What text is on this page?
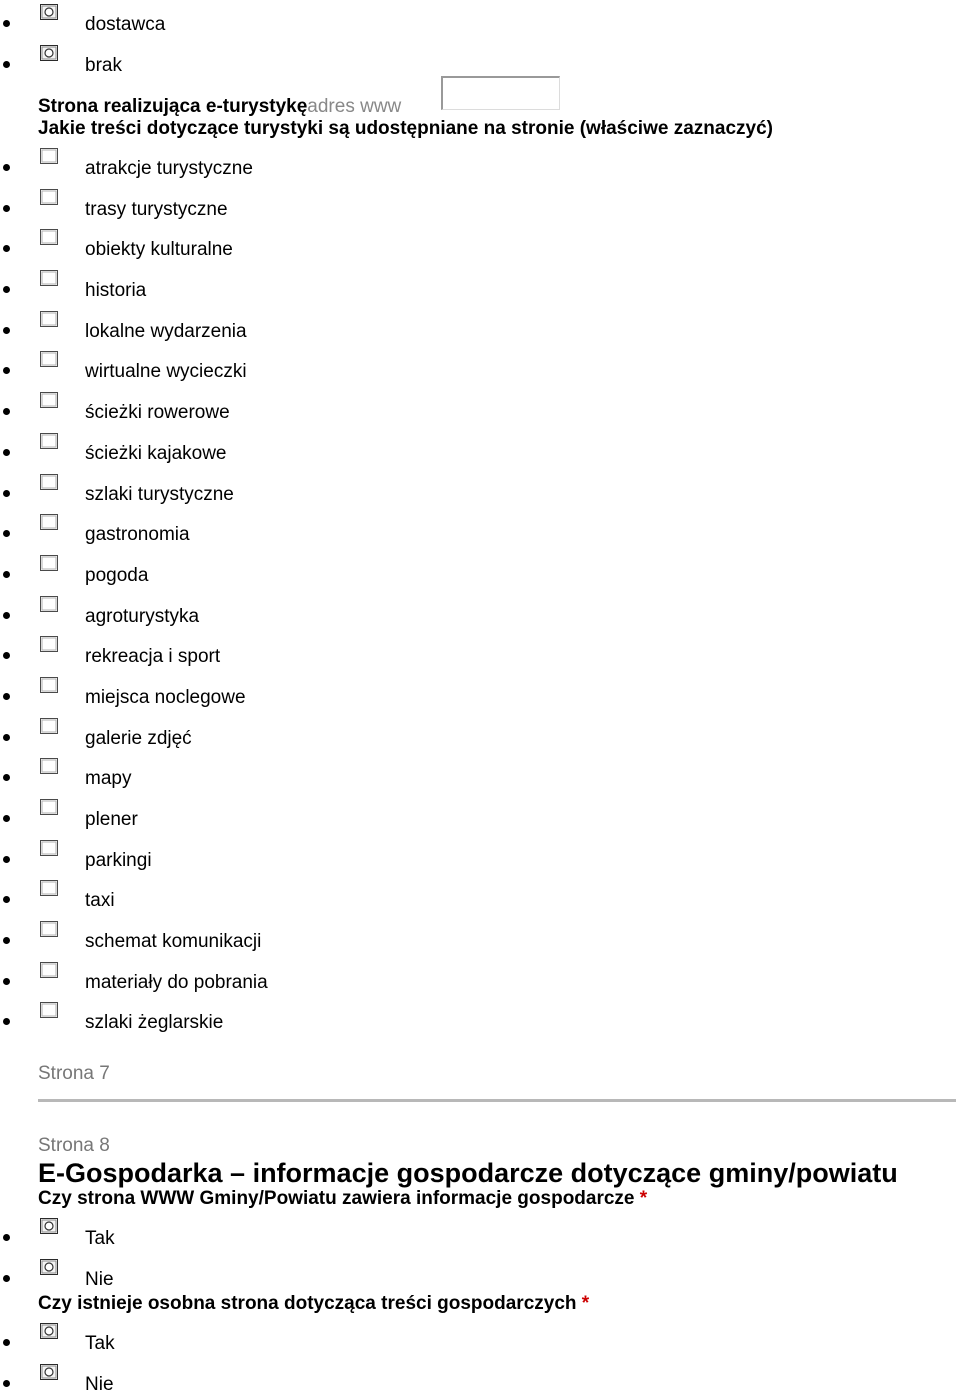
dostawca
brak
Strona realizująca e-turystykęadres www
Jakie treści dotyczące turystyki są udostępniane na stronie (właściwe zaznaczyć)
atrakcje turystyczne
trasy turystyczne
obiekty kulturalne
historia
lokalne wydarzenia
wirtualne wycieczki
ścieżki rowerowe
ścieżki kajakowe
szlaki turystyczne
gastronomia
pogoda
agroturystyka
rekreacja i sport
miejsca noclegowe
galerie zdjęć
mapy
plener
parkingi
taxi
schemat komunikacji
materiały do pobrania
szlaki żeglarskie
Strona 7
Strona 8
E-Gospodarka – informacje gospodarcze dotyczące gminy/powiatu
Czy strona WWW Gminy/Powiatu zawiera informacje gospodarcze *
Tak
Nie
Czy istnieje osobna strona dotycząca treści gospodarczych *
Tak
Nie
